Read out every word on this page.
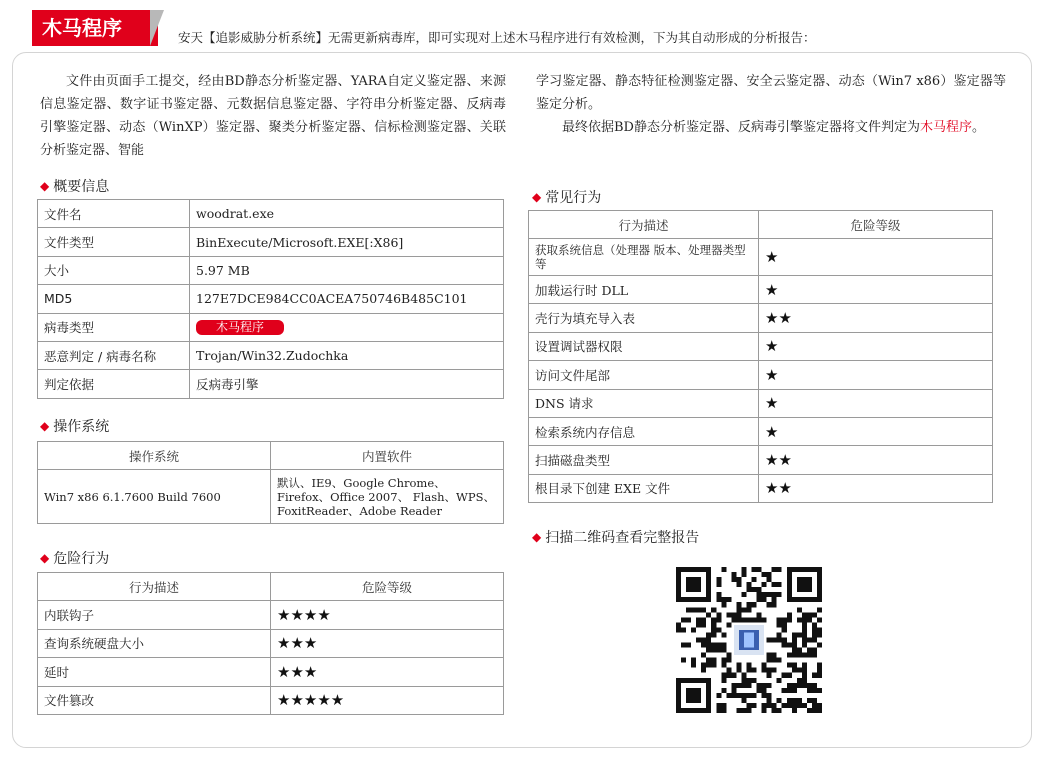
木马程序	安天【追影威胁分析系统】无需更新病毒库，即可实现对上述木马程序进行有效检测，下为其自动形成的分析报告：

文件由页面手工提交，经由BD静态分析鉴定器、YARA自定义鉴定器、来源信息鉴定器、数字证书鉴定器、元数据信息鉴定器、字符串分析鉴定器、反病毒引擎鉴定器、动态（WinXP）鉴定器、聚类分析鉴定器、信标检测鉴定器、关联分析鉴定器、智能

学习鉴定器、静态特征检测鉴定器、安全云鉴定器、动态（Win7 x86）鉴定器等鉴定分析。

最终依据BD静态分析鉴定器、反病毒引擎鉴定器将文件判定为木马程序。

◆ 概要信息
文件名	woodrat.exe
文件类型	BinExecute/Microsoft.EXE[:X86]
大小	5.97 MB
MD5	127E7DCE984CC0ACEA750746B485C101
病毒类型	木马程序
恶意判定 / 病毒名称	Trojan/Win32.Zudochka
判定依据	反病毒引擎
◆ 操作系统
操作系统	内置软件
Win7 x86 6.1.7600 Build 7600	默认、IE9、Google Chrome、Firefox、Office 2007、 Flash、WPS、FoxitReader、Adobe Reader
◆ 危险行为
行为描述	危险等级
内联钩子	★★★★
查询系统硬盘大小	★★★
延时	★★★
文件篡改	★★★★★
◆ 常见行为
行为描述	危险等级
获取系统信息（处理器 版本、处理器类型等	★
加载运行时 DLL	★
壳行为填充导入表	★★
设置调试器权限	★
访问文件尾部	★
DNS 请求	★
检索系统内存信息	★
扫描磁盘类型	★★
根目录下创建 EXE 文件	★★
◆ 扫描二维码查看完整报告
